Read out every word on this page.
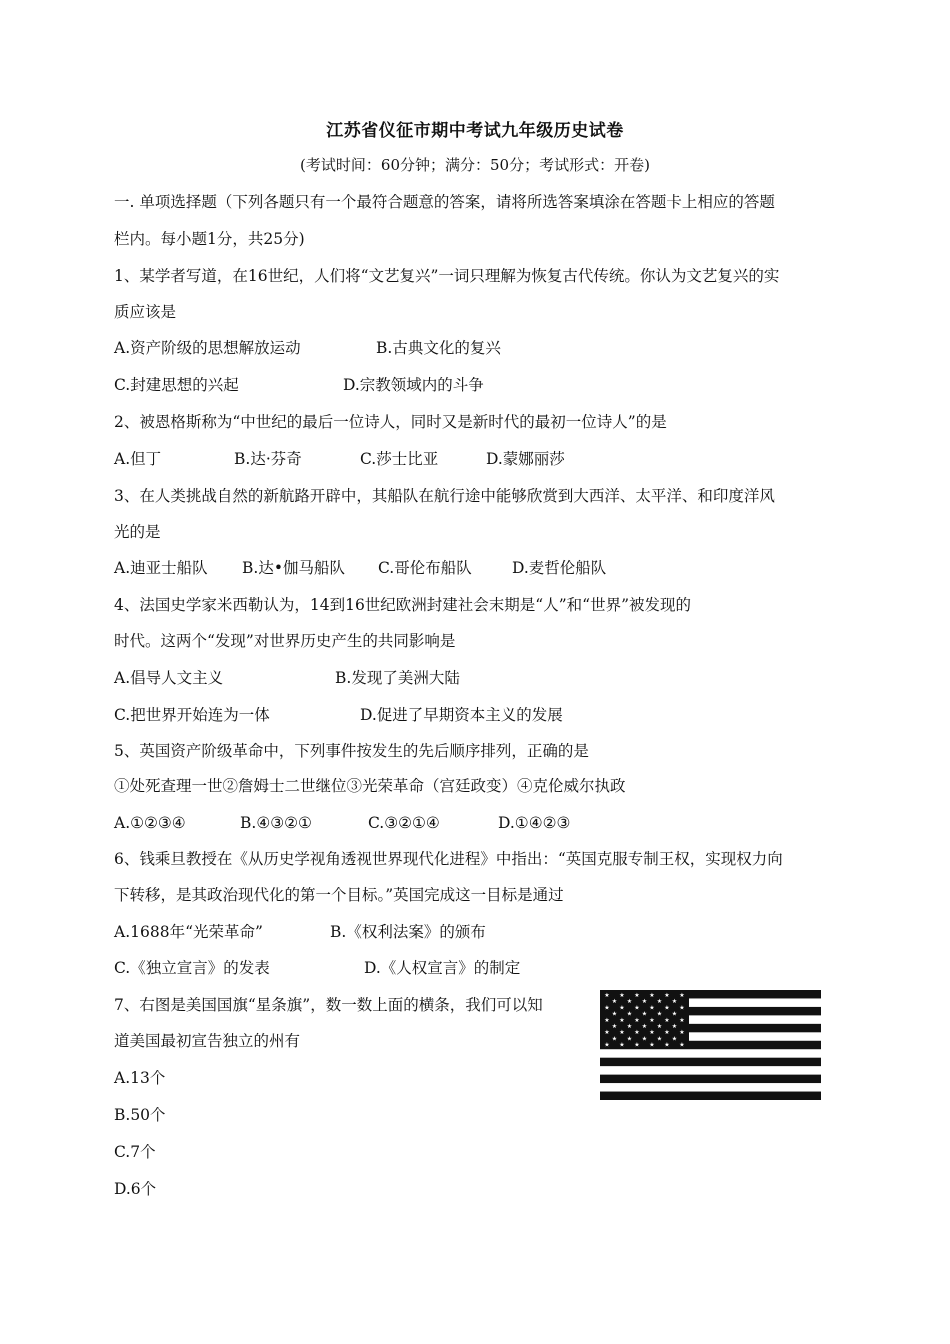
江苏省仪征市期中考试九年级历史试卷
(考试时间：60分钟；满分：50分；考试形式：开卷)
一. 单项选择题（下列各题只有一个最符合题意的答案，请将所选答案填涂在答题卡上相应的答题
栏内。每小题1分，共25分)
1、某学者写道，在16世纪，人们将“文艺复兴”一词只理解为恢复古代传统。你认为文艺复兴的实
质应该是
A.资产阶级的思想解放运动	B.古典文化的复兴
C.封建思想的兴起	D.宗教领域内的斗争
2、被恩格斯称为“中世纪的最后一位诗人，同时又是新时代的最初一位诗人”的是
A.但丁	B.达·芬奇	C.莎士比亚	D.蒙娜丽莎
3、在人类挑战自然的新航路开辟中，其船队在航行途中能够欣赏到大西洋、太平洋、和印度洋风
光的是
A.迪亚士船队 B.达•伽马船队 C.哥伦布船队	D.麦哲伦船队
4、法国史学家米西勒认为，14到16世纪欧洲封建社会末期是“人”和“世界”被发现的
时代。这两个“发现”对世界历史产生的共同影响是
A.倡导人文主义	B.发现了美洲大陆
C.把世界开始连为一体	D.促进了早期资本主义的发展
5、英国资产阶级革命中，下列事件按发生的先后顺序排列，正确的是
①处死查理一世②詹姆士二世继位③光荣革命（宫廷政变）④克伦威尔执政
A.①②③④	B.④③②①	C.③②①④	D.①④②③
6、钱乘旦教授在《从历史学视角透视世界现代化进程》中指出：“英国克服专制王权，实现权力向
下转移，是其政治现代化的第一个目标。”英国完成这一目标是通过
A.1688年“光荣革命”	B.《权利法案》的颁布
C.《独立宣言》的发表	D.《人权宣言》的制定
7、右图是美国国旗“星条旗”，数一数上面的横条，我们可以知
道美国最初宣告独立的州有
A.13个
B.50个
C.7个
D.6个
★ ★ ★ ★ ★ ★
★ ★ ★ ★ ★
★ ★ ★ ★ ★ ★
★ ★ ★ ★ ★
★ ★ ★ ★ ★ ★
★ ★ ★ ★ ★
★ ★ ★ ★ ★ ★
★ ★ ★ ★ ★
★ ★ ★ ★ ★ ★
